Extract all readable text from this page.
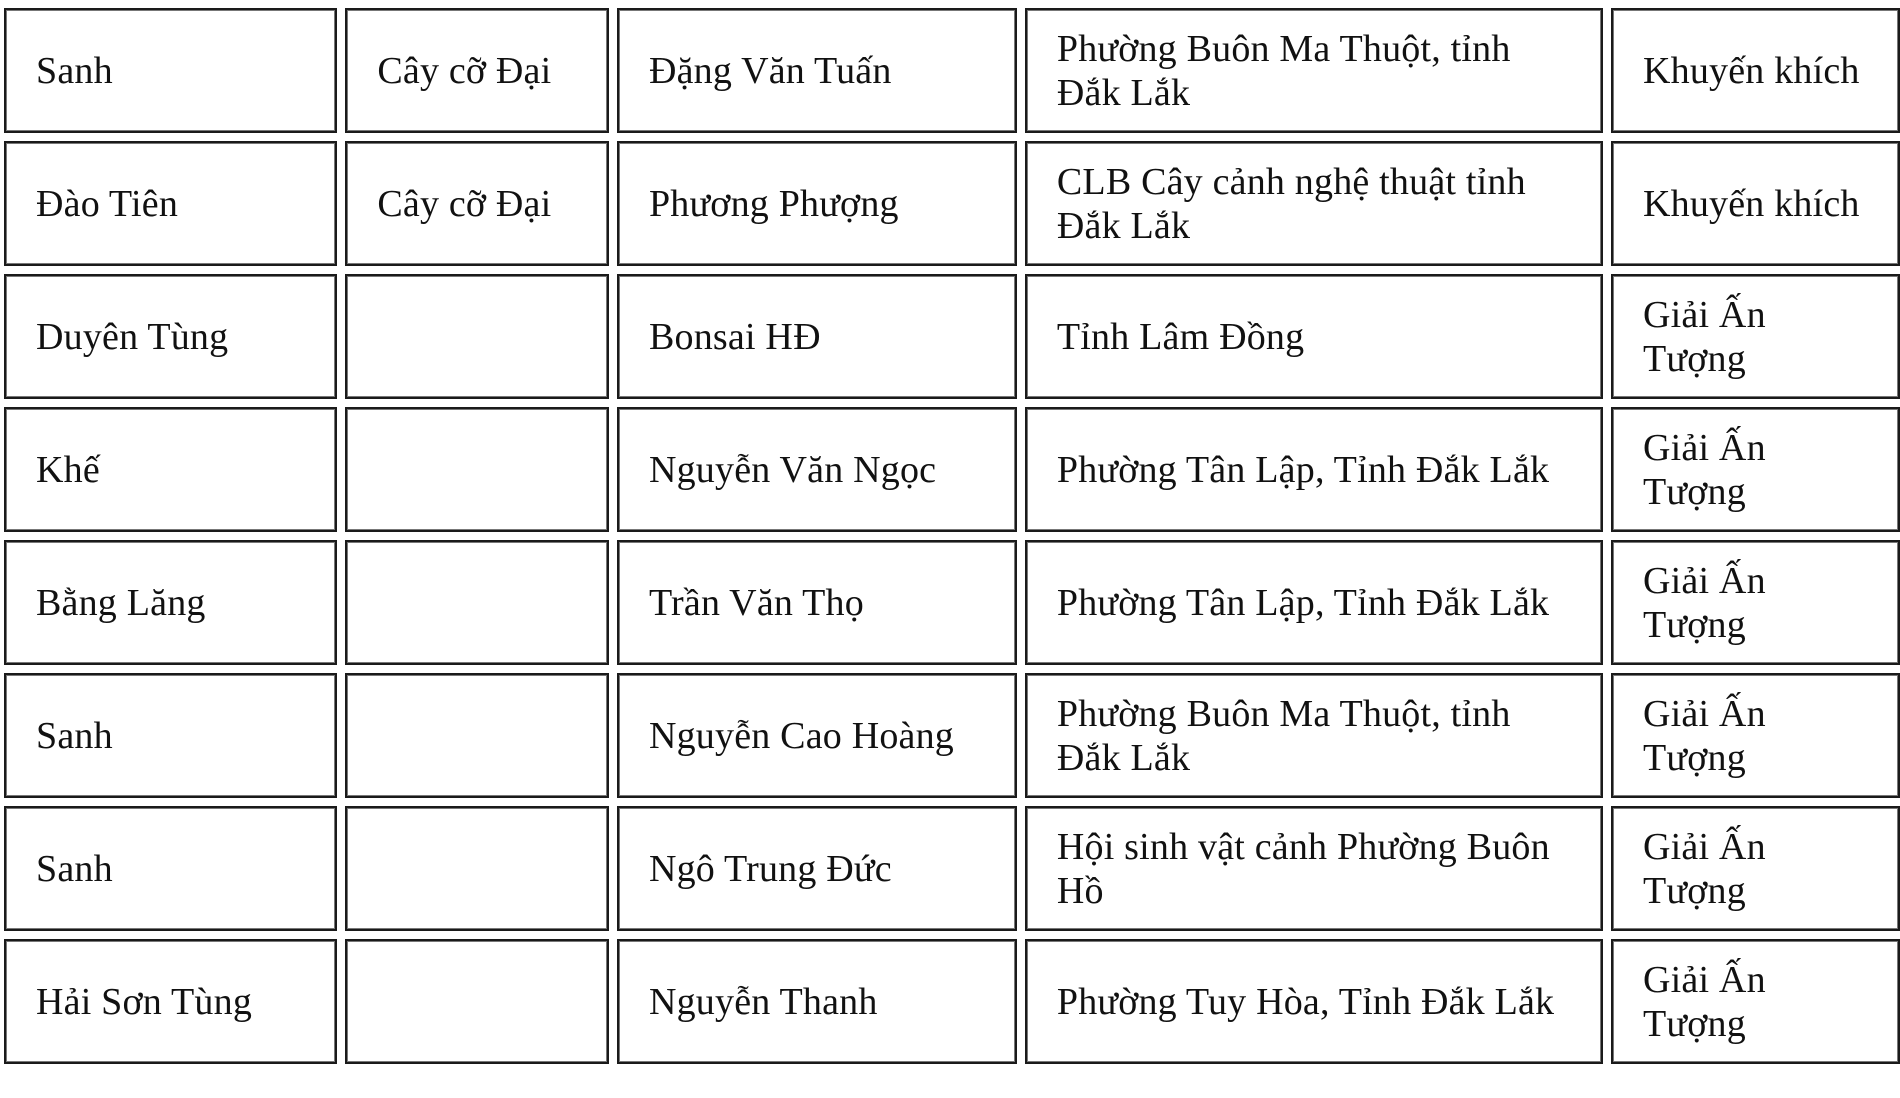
Sanh	Cây cỡ Đại	Đặng Văn Tuấn	Phường Buôn Ma Thuột, tỉnh Đắk Lắk	Khuyến khích
Đào Tiên	Cây cỡ Đại	Phương Phượng	CLB Cây cảnh nghệ thuật tỉnh Đắk Lắk	Khuyến khích
Duyên Tùng		Bonsai HĐ	Tỉnh Lâm Đồng	Giải Ấn Tượng
Khế		Nguyễn Văn Ngọc	Phường Tân Lập, Tỉnh Đắk Lắk	Giải Ấn Tượng
Bằng Lăng		Trần Văn Thọ	Phường Tân Lập, Tỉnh Đắk Lắk	Giải Ấn Tượng
Sanh		Nguyễn Cao Hoàng	Phường Buôn Ma Thuột, tỉnh Đắk Lắk	Giải Ấn Tượng
Sanh		Ngô Trung Đức	Hội sinh vật cảnh Phường Buôn Hồ	Giải Ấn Tượng
Hải Sơn Tùng		Nguyễn Thanh	Phường Tuy Hòa, Tỉnh Đắk Lắk	Giải Ấn Tượng
